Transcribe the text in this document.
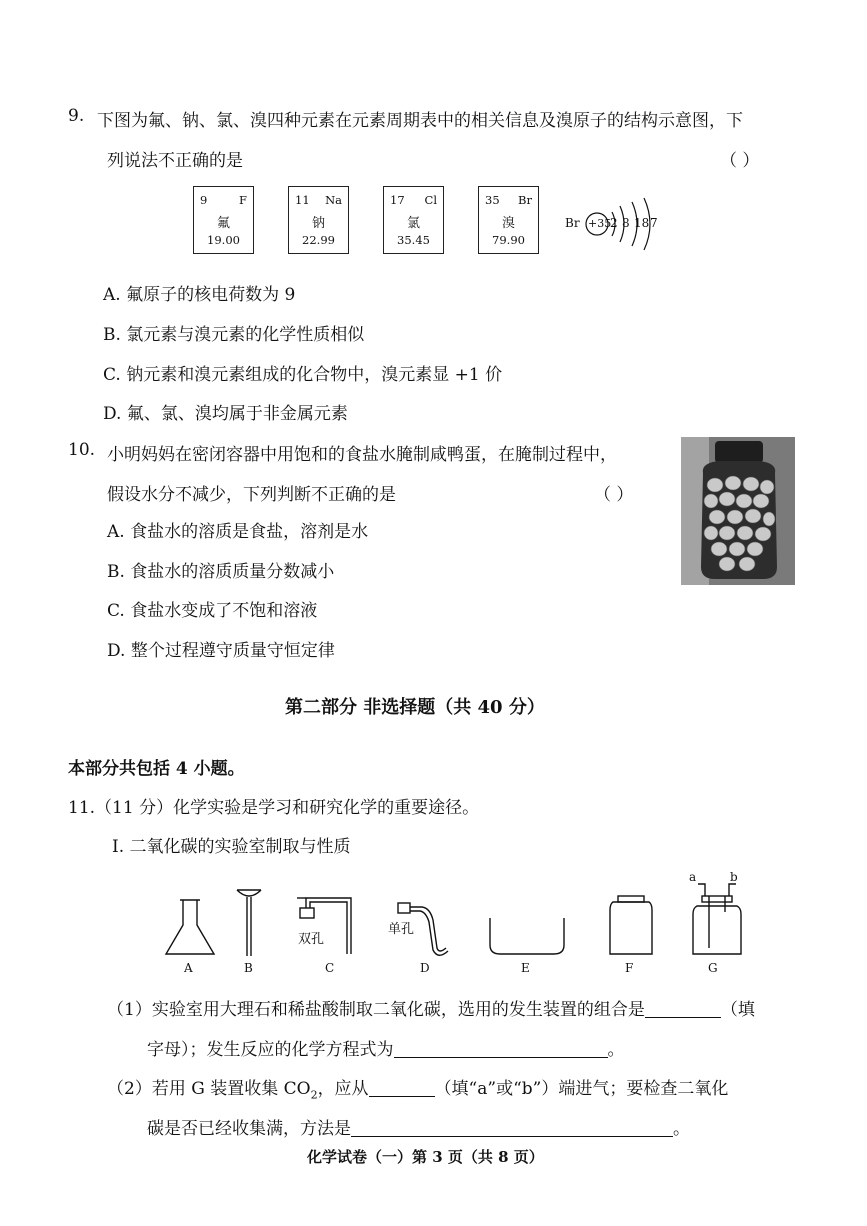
9. 下图为氟、钠、氯、溴四种元素在元素周期表中的相关信息及溴原子的结构示意图，下
列说法不正确的是	（ ）
9	F
氟
19.00
11 Na
钠
22.99
17 Cl
氯
35.45
35 Br
溴
79.90
Br +35
2 8 18 7
A. 氟原子的核电荷数为 9
B. 氯元素与溴元素的化学性质相似
C. 钠元素和溴元素组成的化合物中，溴元素显 +1 价
D. 氟、氯、溴均属于非金属元素
10. 小明妈妈在密闭容器中用饱和的食盐水腌制咸鸭蛋，在腌制过程中，
假设水分不减少，下列判断不正确的是	（ ）
A. 食盐水的溶质是食盐，溶剂是水
B. 食盐水的溶质质量分数减小
C. 食盐水变成了不饱和溶液
D. 整个过程遵守质量守恒定律
第二部分 非选择题（共 40 分）
本部分共包括 4 小题。
11.（11 分）化学实验是学习和研究化学的重要途径。
Ⅰ. 二氧化碳的实验室制取与性质
A	B	C	D	E	F	G
双孔
单孔
a	b
（1）实验室用大理石和稀盐酸制取二氧化碳，选用的发生装置的组合是	（填
字母）；发生反应的化学方程式为	。
（2）若用 G 装置收集 $CO_2$，应从	（填“a”或“b”）端进气；要检查二氧化
碳是否已经收集满，方法是	。
化学试卷（一）第 3 页（共 8 页）
